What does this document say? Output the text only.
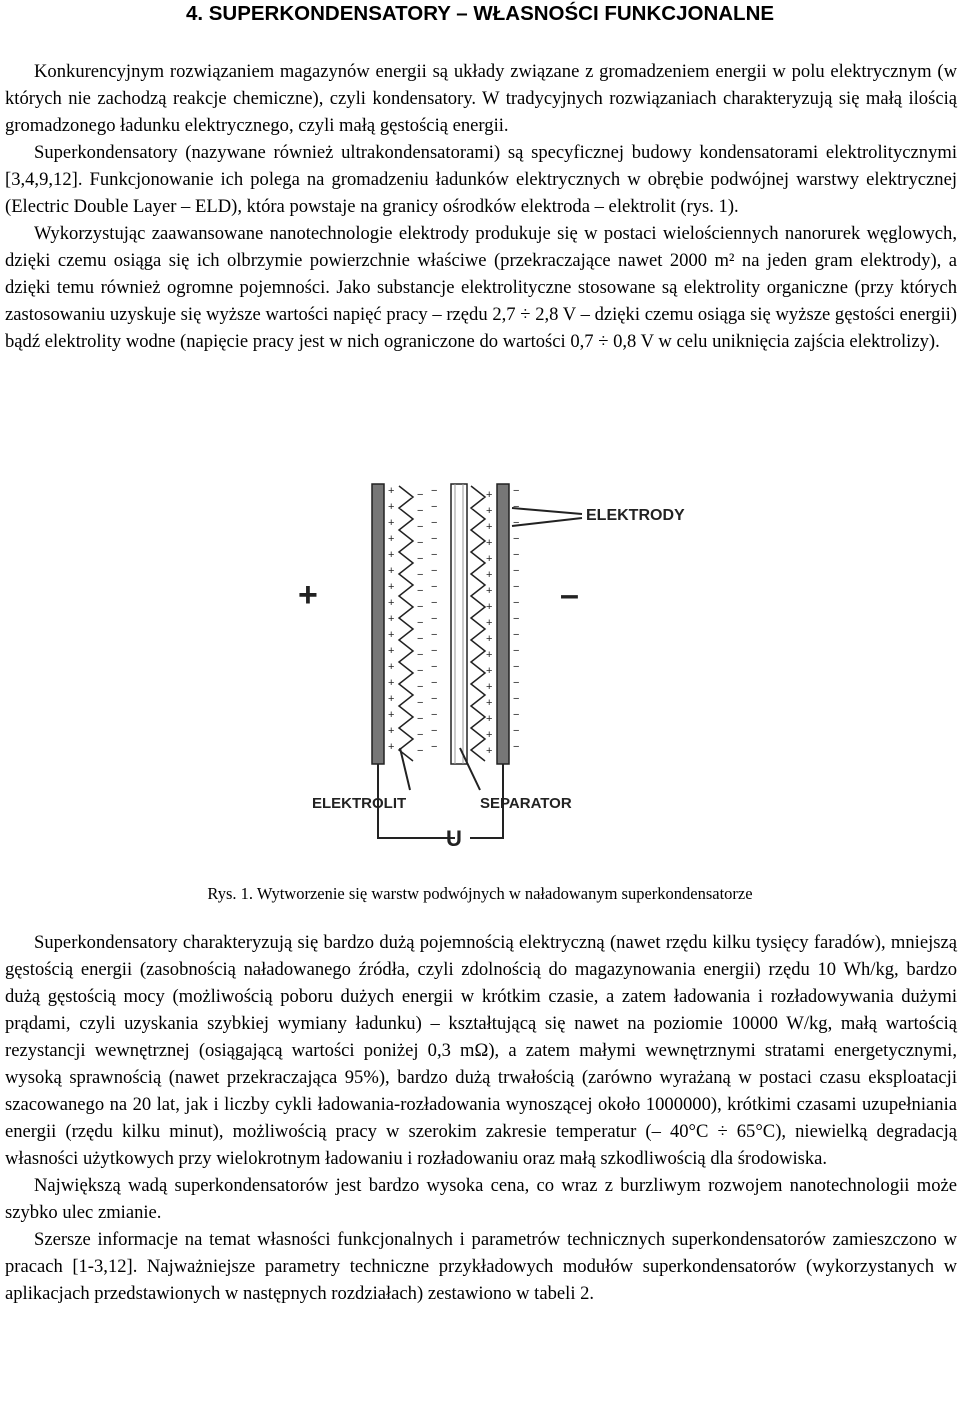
4. SUPERKONDENSATORY – WŁASNOŚCI FUNKCJONALNE

Konkurencyjnym rozwiązaniem magazynów energii są układy związane z gromadzeniem energii w polu elektrycznym (w których nie zachodzą reakcje chemiczne), czyli kondensatory. W tradycyjnych rozwiązaniach charakteryzują się małą ilością gromadzonego ładunku elektrycznego, czyli małą gęstością energii.

Superkondensatory (nazywane również ultrakondensatorami) są specyficznej budowy kondensatorami elektrolitycznymi [3,4,9,12]. Funkcjonowanie ich polega na gromadzeniu ładunków elektrycznych w obrębie podwójnej warstwy elektrycznej (Electric Double Layer – ELD), która powstaje na granicy ośrodków elektroda – elektrolit (rys. 1).

Wykorzystując zaawansowane nanotechnologie elektrody produkuje się w postaci wielościennych nanorurek węglowych, dzięki czemu osiąga się ich olbrzymie powierzchnie właściwe (przekraczające nawet 2000 m² na jeden gram elektrody), a dzięki temu również ogromne pojemności. Jako substancje elektrolityczne stosowane są elektrolity organiczne (przy których zastosowaniu uzyskuje się wyższe wartości napięć pracy – rzędu 2,7 ÷ 2,8 V – dzięki czemu osiąga się wyższe gęstości energii) bądź elektrolity wodne (napięcie pracy jest w nich ograniczone do wartości 0,7 ÷ 0,8 V w celu uniknięcia zajścia elektrolizy).

+ − −	+ −
+ − −	+ −
+ − −	+ −
+ − −	+ −
+ − −	+ −
+ − −	+ −
+ − −	+ −
+ − −	+ −
+ − −	+ −
+ − −	+ −
+ − −	+ −
+ − −	+ −
+ − −	+ −
+ − −	+ −
+ − −	+ −
+ − −	+ −
+ − −	+ −
ELEKTRODY
ELEKTROLIT	SEPARATOR
U
+	–
Rys. 1. Wytworzenie się warstw podwójnych w naładowanym superkondensatorze

Superkondensatory charakteryzują się bardzo dużą pojemnością elektryczną (nawet rzędu kilku tysięcy faradów), mniejszą gęstością energii (zasobnością naładowanego źródła, czyli zdolnością do magazynowania energii) rzędu 10 Wh/kg, bardzo dużą gęstością mocy (możliwością poboru dużych energii w krótkim czasie, a zatem ładowania i rozładowywania dużymi prądami, czyli uzyskania szybkiej wymiany ładunku) – kształtującą się nawet na poziomie 10000 W/kg, małą wartością rezystancji wewnętrznej (osiągającą wartości poniżej 0,3 mΩ), a zatem małymi wewnętrznymi stratami energetycznymi, wysoką sprawnością (nawet przekraczająca 95%), bardzo dużą trwałością (zarówno wyrażaną w postaci czasu eksploatacji szacowanego na 20 lat, jak i liczby cykli ładowania-rozładowania wynoszącej około 1000000), krótkimi czasami uzupełniania energii (rzędu kilku minut), możliwością pracy w szerokim zakresie temperatur (– 40°C ÷ 65°C), niewielką degradacją własności użytkowych przy wielokrotnym ładowaniu i rozładowaniu oraz małą szkodliwością dla środowiska.

Największą wadą superkondensatorów jest bardzo wysoka cena, co wraz z burzliwym rozwojem nanotechnologii może szybko ulec zmianie.

Szersze informacje na temat własności funkcjonalnych i parametrów technicznych superkondensatorów zamieszczono w pracach [1-3,12]. Najważniejsze parametry techniczne przykładowych modułów superkondensatorów (wykorzystanych w aplikacjach przedstawionych w następnych rozdziałach) zestawiono w tabeli 2.
